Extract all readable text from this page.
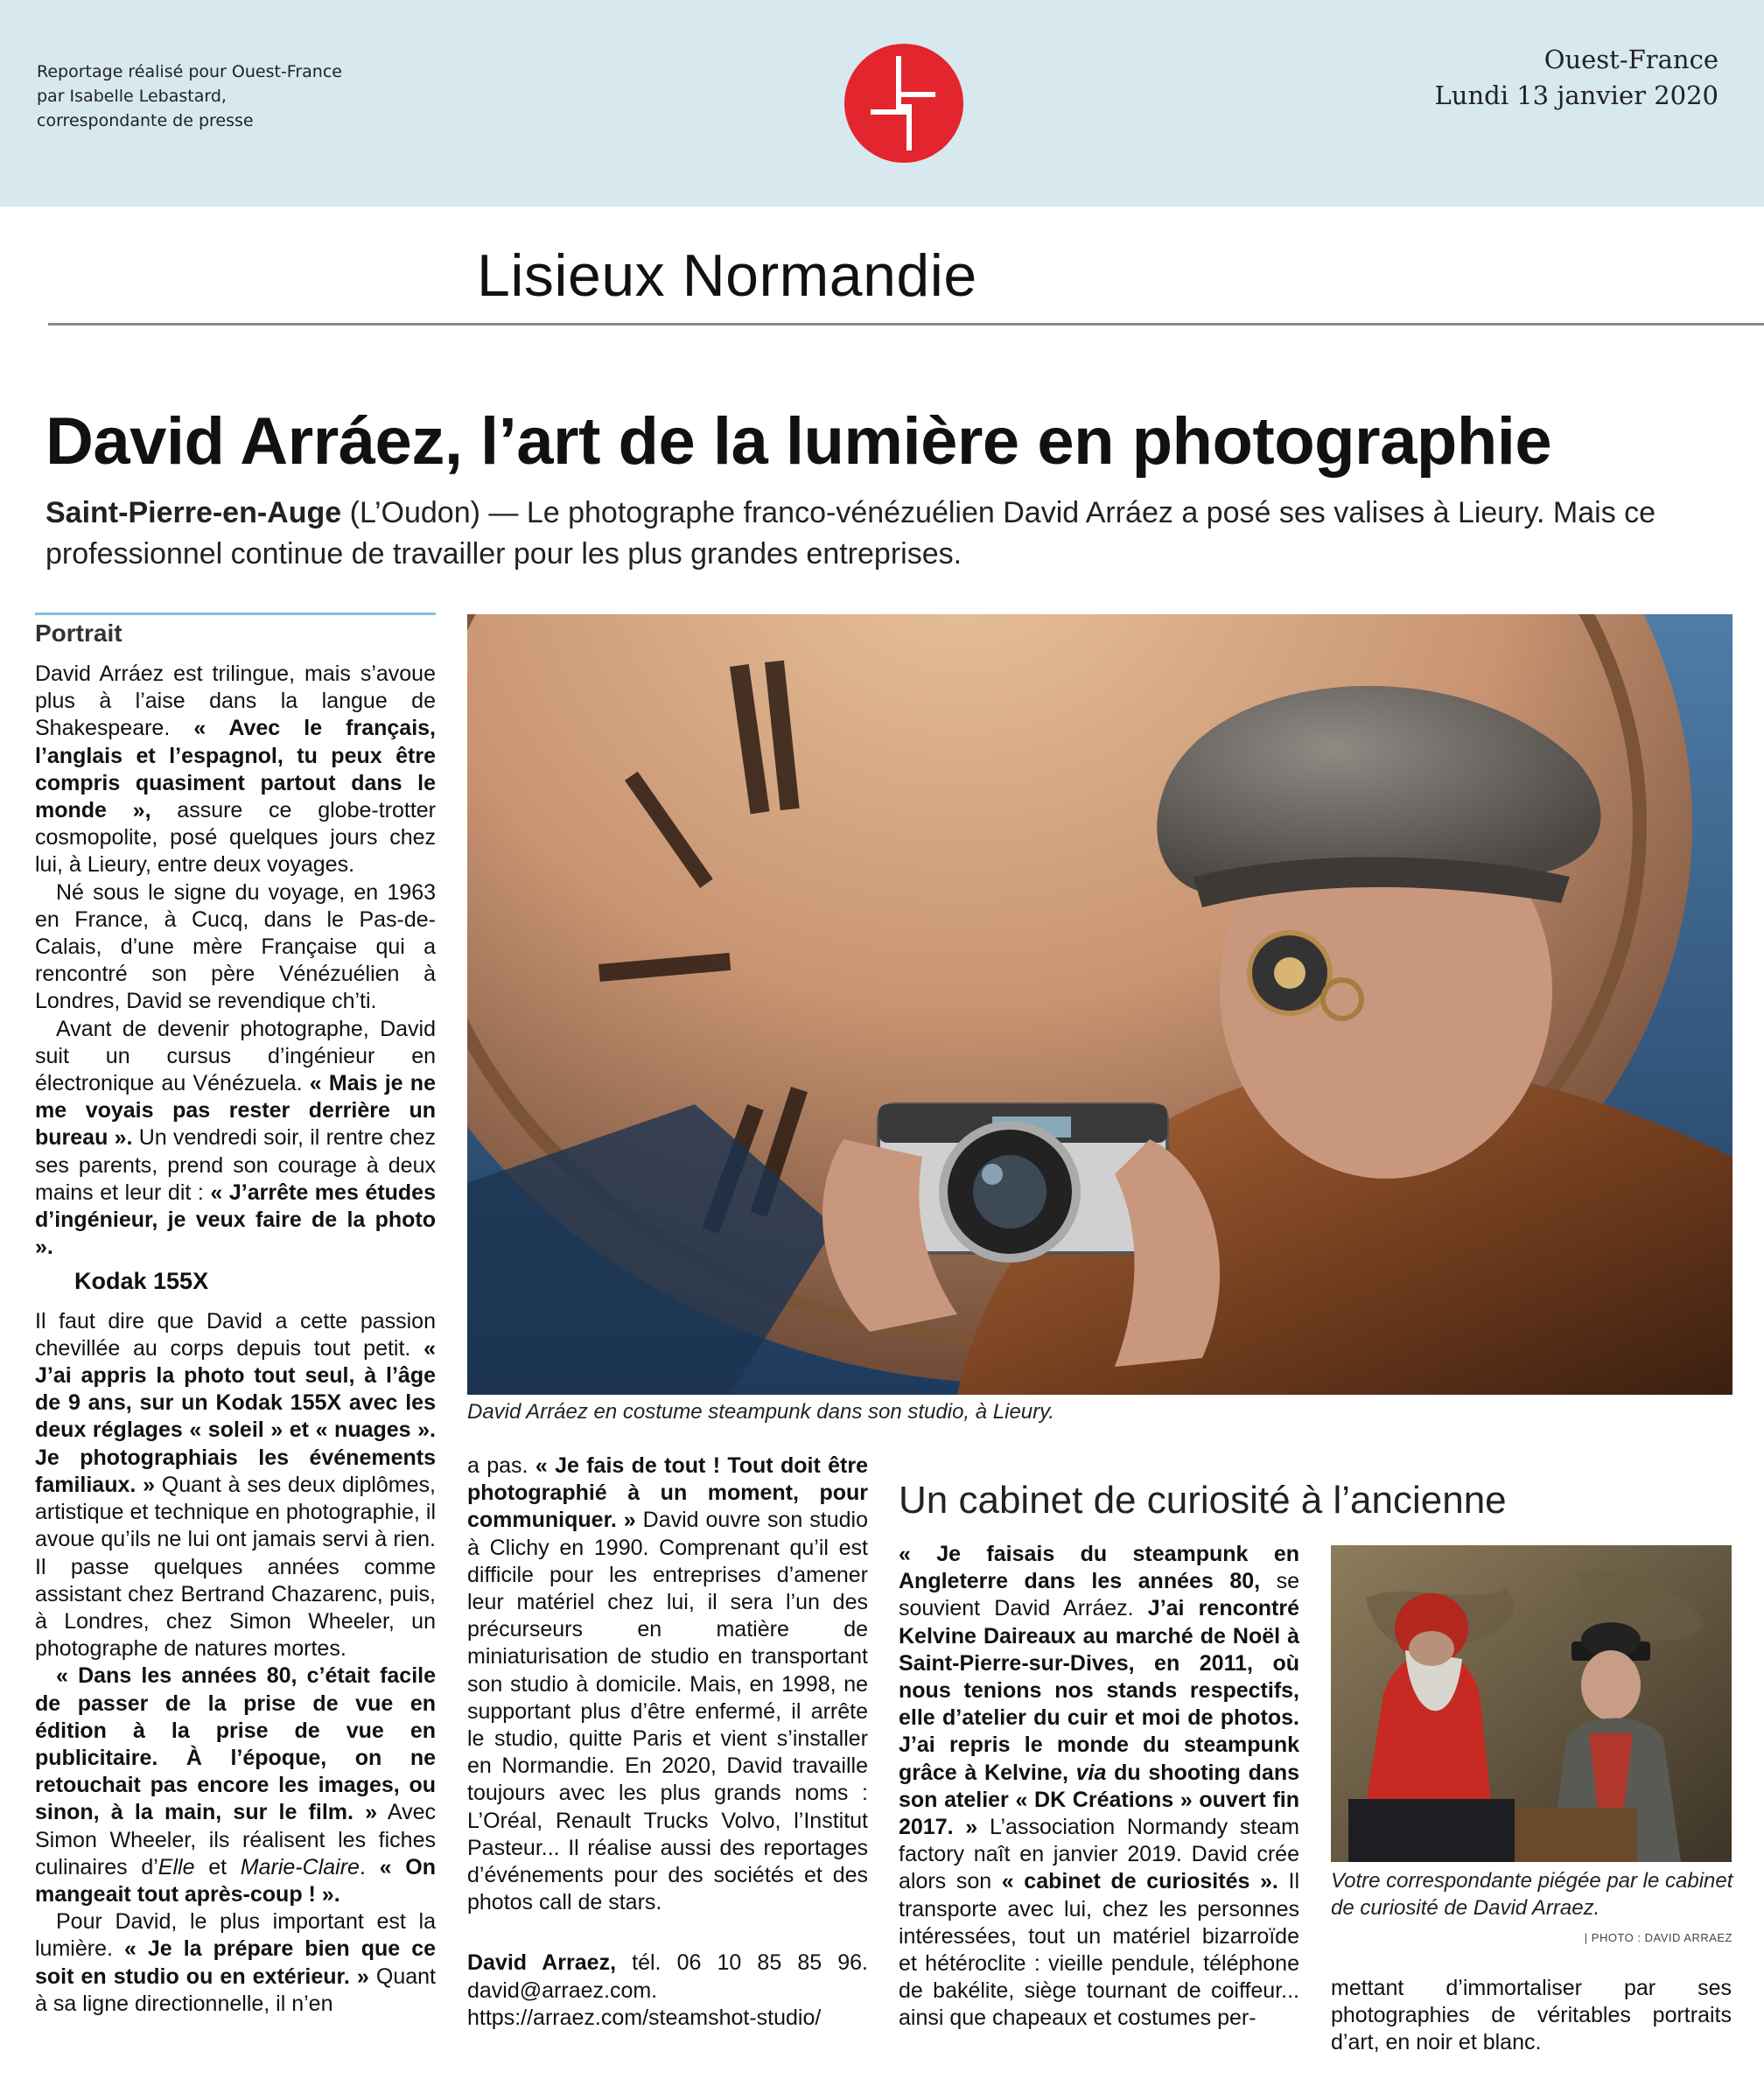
Reportage réalisé pour Ouest-France
par Isabelle Lebastard,
correspondante de presse
Ouest-France
Lundi 13 janvier 2020
Lisieux Normandie
David Arráez, l’art de la lumière en photographie
Saint-Pierre-en-Auge (L’Oudon) — Le photographe franco-vénézuélien David Arráez a posé ses valises à Lieury. Mais ce professionnel continue de travailler pour les plus grandes entreprises.
Portrait

David Arráez est trilingue, mais s’avoue plus à l’aise dans la langue de Shakespeare. « Avec le français, l’anglais et l’espagnol, tu peux être compris quasiment partout dans le monde », assure ce globe-trotter cosmopolite, posé quelques jours chez lui, à Lieury, entre deux voyages.

Né sous le signe du voyage, en 1963 en France, à Cucq, dans le Pas-de-Calais, d’une mère Française qui a rencontré son père Vénézuélien à Londres, David se revendique ch’ti.

Avant de devenir photographe, David suit un cursus d’ingénieur en électronique au Vénézuela. « Mais je ne me voyais pas rester derrière un bureau ». Un vendredi soir, il rentre chez ses parents, prend son courage à deux mains et leur dit : « J’arrête mes études d’ingénieur, je veux faire de la photo ».

Kodak 155X

Il faut dire que David a cette passion chevillée au corps depuis tout petit. « J’ai appris la photo tout seul, à l’âge de 9 ans, sur un Kodak 155X avec les deux réglages « soleil » et « nuages ». Je photographiais les événements familiaux. » Quant à ses deux diplômes, artistique et technique en photographie, il avoue qu’ils ne lui ont jamais servi à rien. Il passe quelques années comme assistant chez Bertrand Chazarenc, puis, à Londres, chez Simon Wheeler, un photographe de natures mortes.

« Dans les années 80, c’était facile de passer de la prise de vue en édition à la prise de vue en publicitaire. À l’époque, on ne retouchait pas encore les images, ou sinon, à la main, sur le film. » Avec Simon Wheeler, ils réalisent les fiches culinaires d’Elle et Marie-Claire. « On mangeait tout après-coup ! ».

Pour David, le plus important est la lumière. « Je la prépare bien que ce soit en studio ou en extérieur. » Quant à sa ligne directionnelle, il n’en

David Arráez en costume steampunk dans son studio, à Lieury.

a pas. « Je fais de tout ! Tout doit être photographié à un moment, pour communiquer. » David ouvre son studio à Clichy en 1990. Comprenant qu’il est difficile pour les entreprises d’amener leur matériel chez lui, il sera l’un des précurseurs en matière de miniaturisation de studio en transportant son studio à domicile. Mais, en 1998, ne supportant plus d’être enfermé, il arrête le studio, quitte Paris et vient s’installer en Normandie. En 2020, David travaille toujours avec les plus grands noms : L’Oréal, Renault Trucks Volvo, l’Institut Pasteur... Il réalise aussi des reportages d’événements pour des sociétés et des photos call de stars.

David Arraez, tél. 06 10 85 85 96. david@arraez.com. https://arraez.com/steamshot-studio/

Un cabinet de curiosité à l’ancienne

« Je faisais du steampunk en Angleterre dans les années 80, se souvient David Arráez. J’ai rencontré Kelvine Daireaux au marché de Noël à Saint-Pierre-sur-Dives, en 2011, où nous tenions nos stands respectifs, elle d’atelier du cuir et moi de photos. J’ai repris le monde du steampunk grâce à Kelvine, via du shooting dans son atelier « DK Créations » ouvert fin 2017. » L’association Normandy steam factory naît en janvier 2019. David crée alors son « cabinet de curiosités ». Il transporte avec lui, chez les personnes intéressées, tout un matériel bizarroïde et hétéroclite : vieille pendule, téléphone de bakélite, siège tournant de coiffeur... ainsi que chapeaux et costumes per-

Votre correspondante piégée par le cabinet de curiosité de David Arraez.
| PHOTO : DAVID ARRAEZ

mettant d’immortaliser par ses photographies de véritables portraits d’art, en noir et blanc.
